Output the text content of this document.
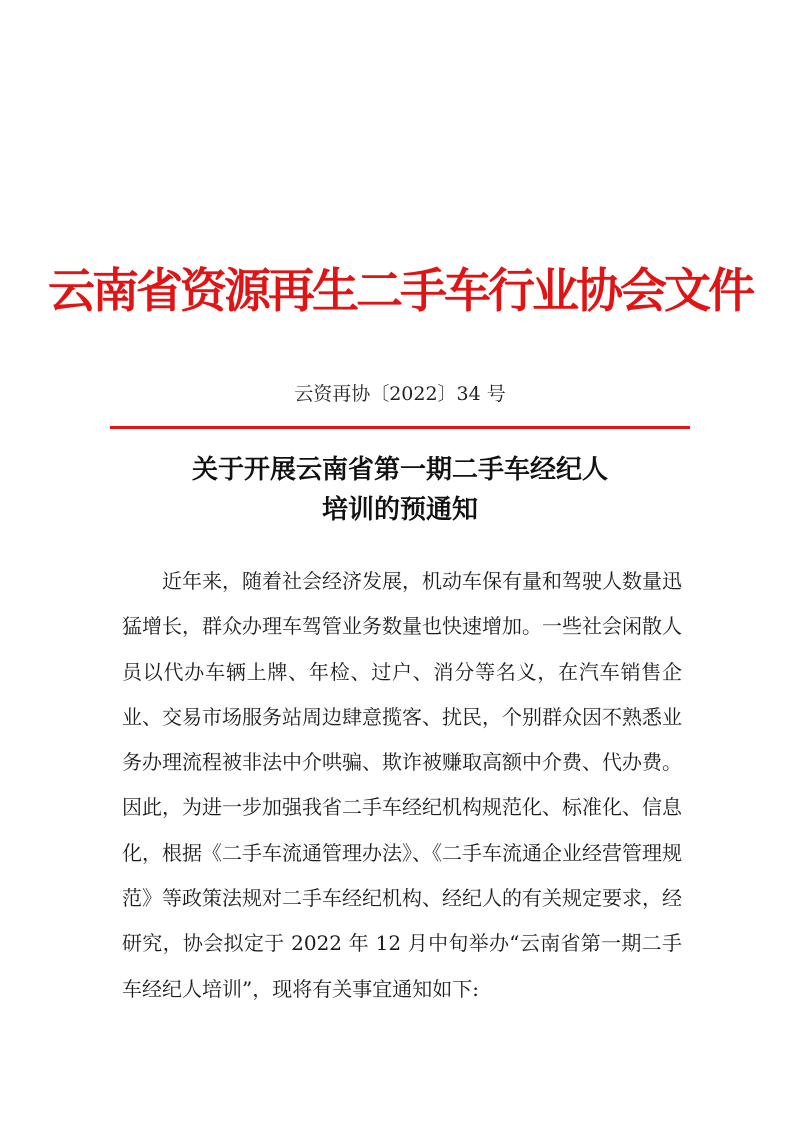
云南省资源再生二手车行业协会文件
云资再协〔2022〕34 号
关于开展云南省第一期二手车经纪人
培训的预通知

近年来，随着社会经济发展，机动车保有量和驾驶人数量迅猛增长，群众办理车驾管业务数量也快速增加。一些社会闲散人员以代办车辆上牌、年检、过户、消分等名义，在汽车销售企业、交易市场服务站周边肆意揽客、扰民，个别群众因不熟悉业务办理流程被非法中介哄骗、欺诈被赚取高额中介费、代办费。因此，为进一步加强我省二手车经纪机构规范化、标准化、信息化，根据《二手车流通管理办法》、《二手车流通企业经营管理规范》等政策法规对二手车经纪机构、经纪人的有关规定要求，经研究，协会拟定于 2022 年 12 月中旬举办“云南省第一期二手车经纪人培训”，现将有关事宜通知如下:
